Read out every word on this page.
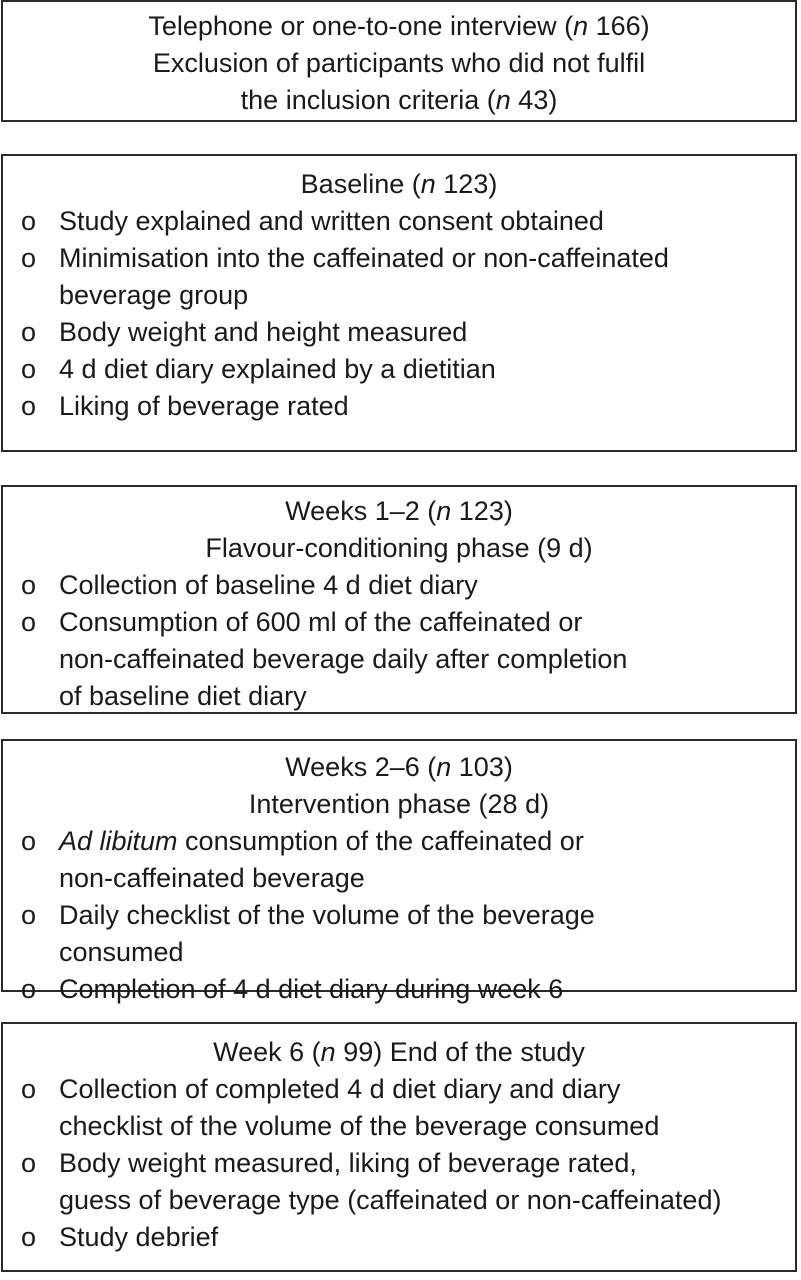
Telephone or one-to-one interview (n 166)
Exclusion of participants who did not fulfil
the inclusion criteria (n 43)
Baseline (n 123)
o Study explained and written consent obtained
o Minimisation into the caffeinated or non-caffeinated
beverage group
o Body weight and height measured
o 4 d diet diary explained by a dietitian
o Liking of beverage rated
Weeks 1–2 (n 123)
Flavour-conditioning phase (9 d)
o Collection of baseline 4 d diet diary
o Consumption of 600 ml of the caffeinated or
non-caffeinated beverage daily after completion
of baseline diet diary
Weeks 2–6 (n 103)
Intervention phase (28 d)
o Ad libitum consumption of the caffeinated or
non-caffeinated beverage
o Daily checklist of the volume of the beverage
consumed
o Completion of 4 d diet diary during week 6
Week 6 (n 99) End of the study
o Collection of completed 4 d diet diary and diary
checklist of the volume of the beverage consumed
o Body weight measured, liking of beverage rated,
guess of beverage type (caffeinated or non-caffeinated)
o Study debrief
